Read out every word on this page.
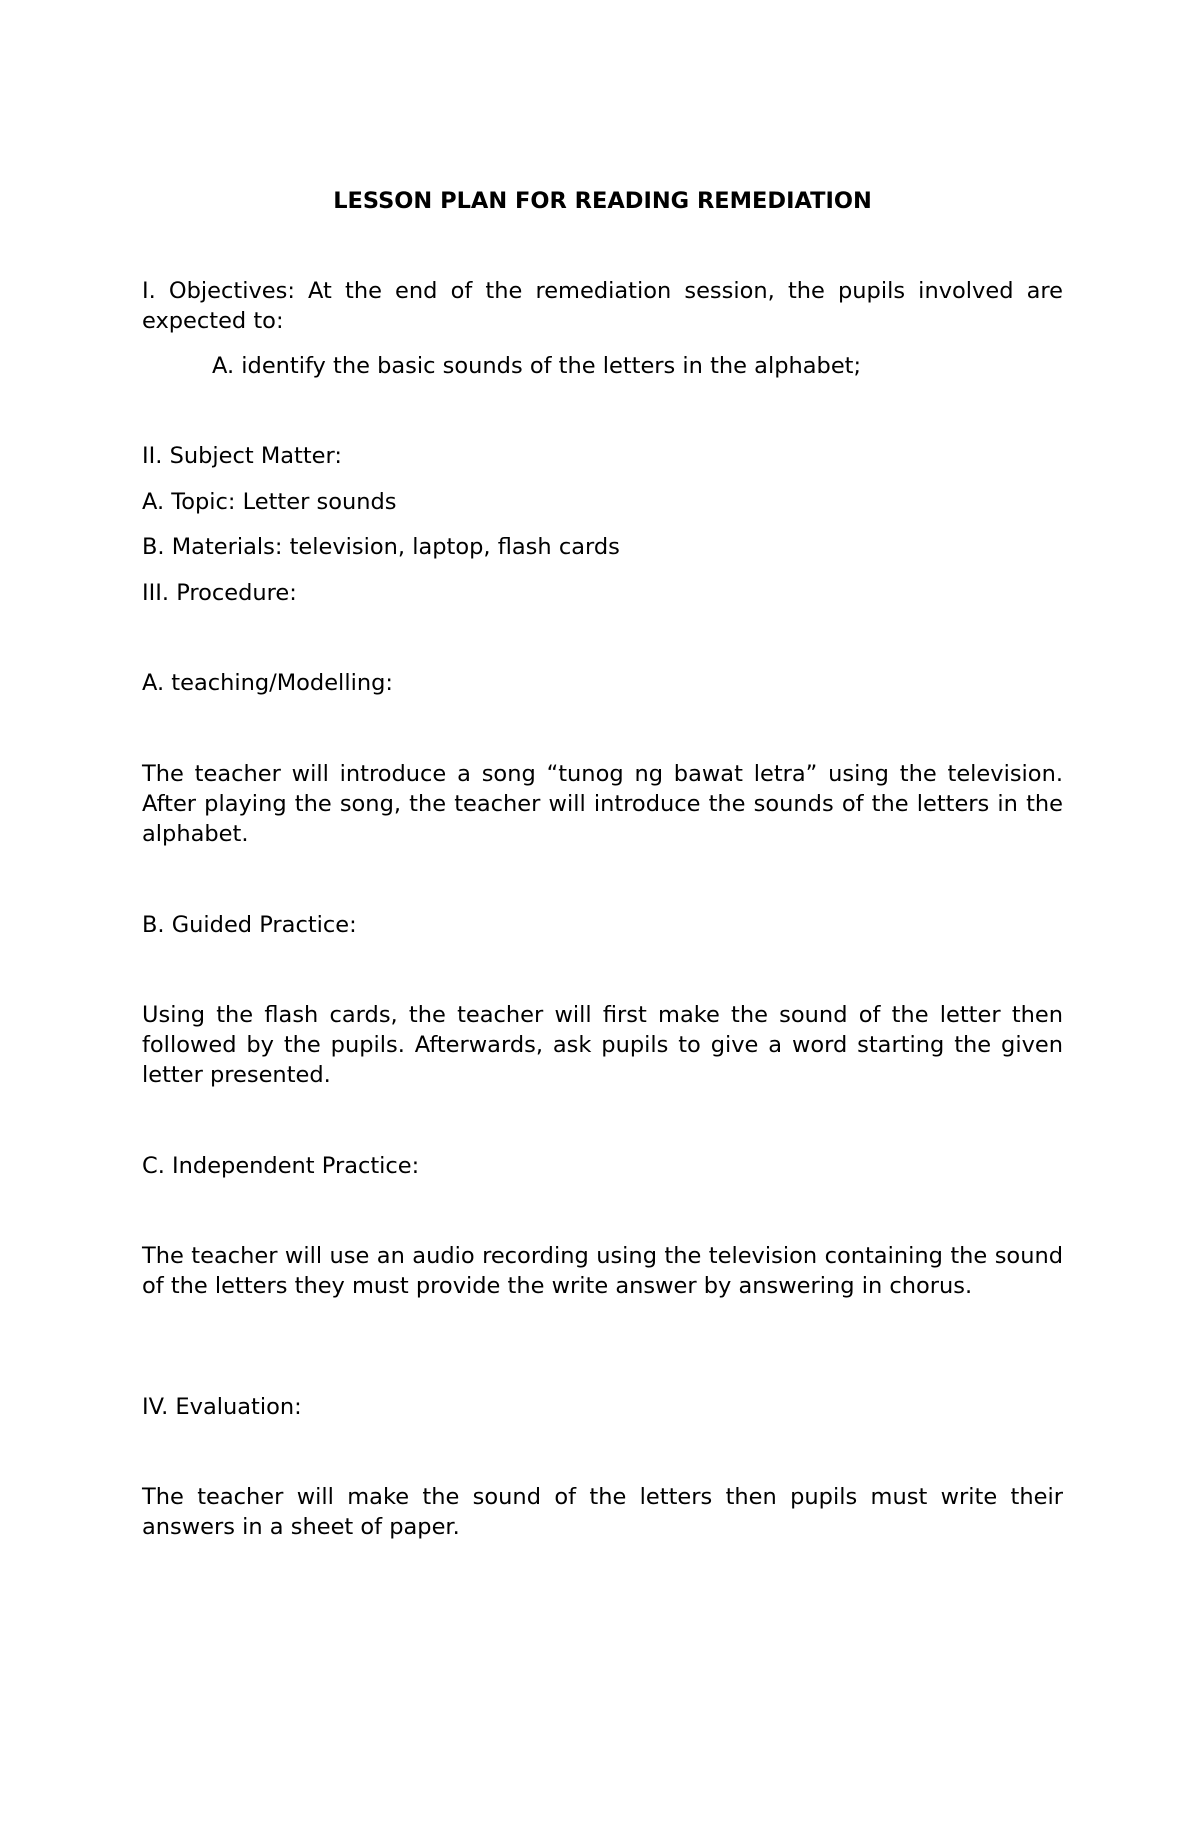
LESSON PLAN FOR READING REMEDIATION

I. Objectives: At the end of the remediation session, the pupils involved are expected to:

A. identify the basic sounds of the letters in the alphabet;

II. Subject Matter:

A. Topic: Letter sounds

B. Materials: television, laptop, flash cards

III. Procedure:

A. teaching/Modelling:

The teacher will introduce a song “tunog ng bawat letra” using the television. After playing the song, the teacher will introduce the sounds of the letters in the alphabet.

B. Guided Practice:

Using the flash cards, the teacher will first make the sound of the letter then followed by the pupils. Afterwards, ask pupils to give a word starting the given letter presented.

C. Independent Practice:

The teacher will use an audio recording using the television containing the sound of the letters they must provide the write answer by answering in chorus.

IV. Evaluation:

The teacher will make the sound of the letters then pupils must write their answers in a sheet of paper.
